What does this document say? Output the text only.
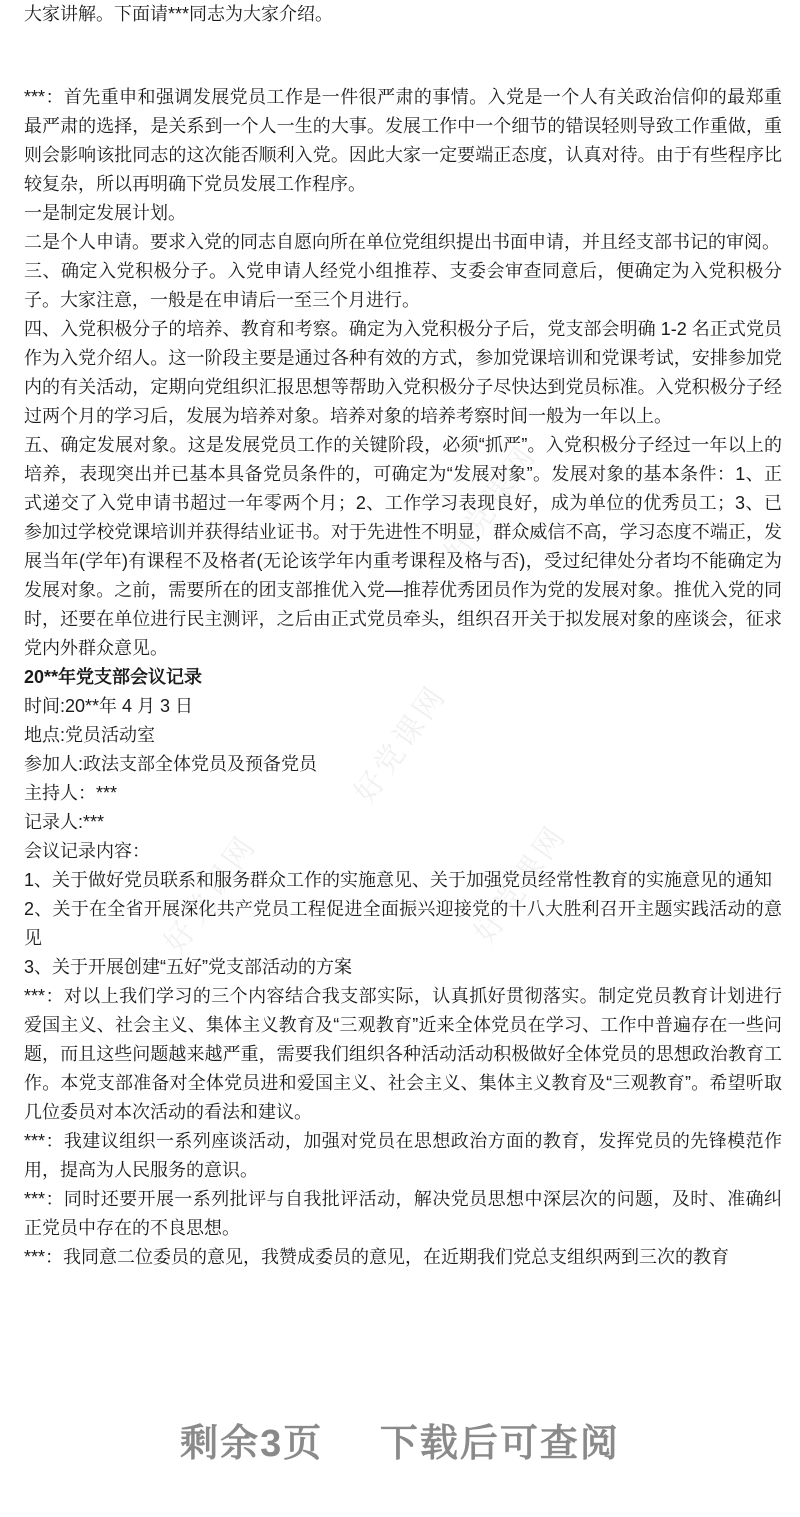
好党课网
好党课网	好党课网
好党课网

大家讲解。下面请***同志为大家介绍。

***：首先重申和强调发展党员工作是一件很严肃的事情。入党是一个人有关政治信仰的最郑重最严肃的选择，是关系到一个人一生的大事。发展工作中一个细节的错误轻则导致工作重做，重则会影响该批同志的这次能否顺利入党。因此大家一定要端正态度，认真对待。由于有些程序比较复杂，所以再明确下党员发展工作程序。

一是制定发展计划。

二是个人申请。要求入党的同志自愿向所在单位党组织提出书面申请，并且经支部书记的审阅。

三、确定入党积极分子。入党申请人经党小组推荐、支委会审查同意后，便确定为入党积极分子。大家注意，一般是在申请后一至三个月进行。

四、入党积极分子的培养、教育和考察。确定为入党积极分子后，党支部会明确 1-2 名正式党员作为入党介绍人。这一阶段主要是通过各种有效的方式，参加党课培训和党课考试，安排参加党内的有关活动，定期向党组织汇报思想等帮助入党积极分子尽快达到党员标准。入党积极分子经过两个月的学习后，发展为培养对象。培养对象的培养考察时间一般为一年以上。

五、确定发展对象。这是发展党员工作的关键阶段，必须“抓严”。入党积极分子经过一年以上的培养，表现突出并已基本具备党员条件的，可确定为“发展对象”。发展对象的基本条件：1、正式递交了入党申请书超过一年零两个月；2、工作学习表现良好，成为单位的优秀员工；3、已参加过学校党课培训并获得结业证书。对于先进性不明显，群众威信不高，学习态度不端正，发展当年(学年)有课程不及格者(无论该学年内重考课程及格与否)，受过纪律处分者均不能确定为发展对象。之前，需要所在的团支部推优入党—推荐优秀团员作为党的发展对象。推优入党的同时，还要在单位进行民主测评，之后由正式党员牵头，组织召开关于拟发展对象的座谈会，征求党内外群众意见。

20**年党支部会议记录

时间:20**年 4 月 3 日

地点:党员活动室

参加人:政法支部全体党员及预备党员

主持人：***

记录人:***

会议记录内容：

1、关于做好党员联系和服务群众工作的实施意见、关于加强党员经常性教育的实施意见的通知

2、关于在全省开展深化共产党员工程促进全面振兴迎接党的十八大胜利召开主题实践活动的意见

3、关于开展创建“五好”党支部活动的方案

***：对以上我们学习的三个内容结合我支部实际，认真抓好贯彻落实。制定党员教育计划进行爱国主义、社会主义、集体主义教育及“三观教育”近来全体党员在学习、工作中普遍存在一些问题，而且这些问题越来越严重，需要我们组织各种活动活动积极做好全体党员的思想政治教育工作。本党支部准备对全体党员进和爱国主义、社会主义、集体主义教育及“三观教育”。希望听取几位委员对本次活动的看法和建议。

***：我建议组织一系列座谈活动，加强对党员在思想政治方面的教育，发挥党员的先锋模范作用，提高为人民服务的意识。

***：同时还要开展一系列批评与自我批评活动，解决党员思想中深层次的问题，及时、准确纠正党员中存在的不良思想。

***：我同意二位委员的意见，我赞成委员的意见，在近期我们党总支组织两到三次的教育

剩余3页 下载后可查阅
